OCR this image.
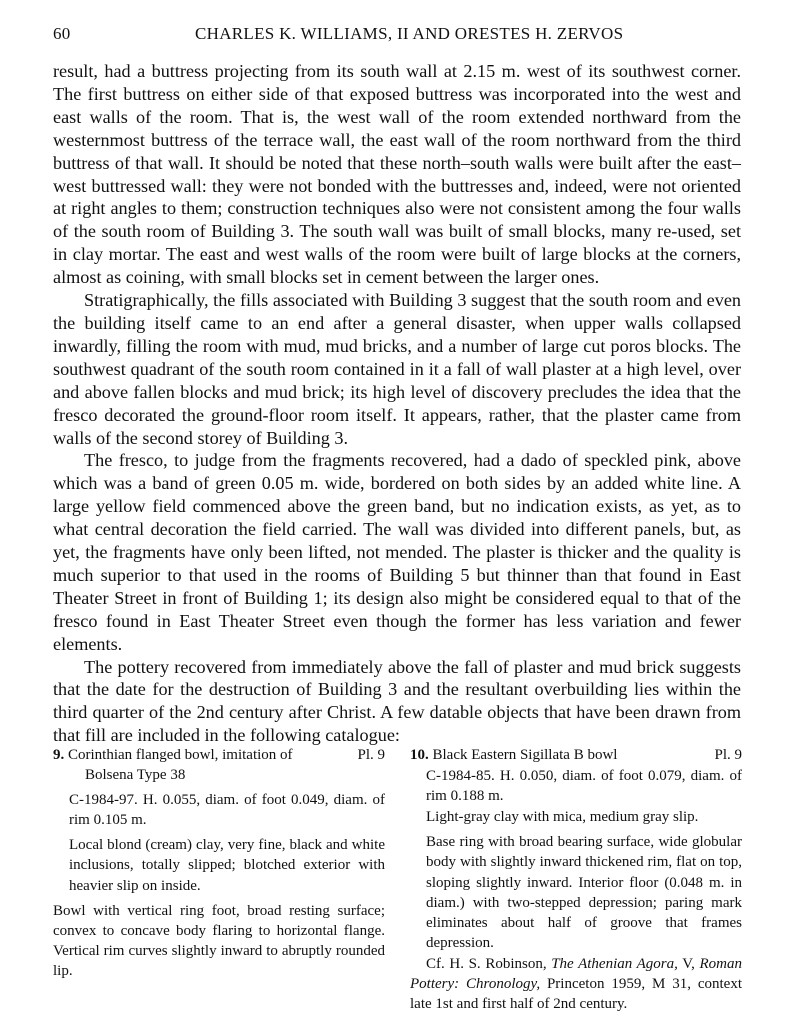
60	CHARLES K. WILLIAMS, II AND ORESTES H. ZERVOS

result, had a buttress projecting from its south wall at 2.15 m. west of its southwest corner. The first buttress on either side of that exposed buttress was incorporated into the west and east walls of the room. That is, the west wall of the room extended northward from the westernmost buttress of the terrace wall, the east wall of the room northward from the third buttress of that wall. It should be noted that these north–south walls were built after the east–west buttressed wall: they were not bonded with the buttresses and, indeed, were not oriented at right angles to them; construction techniques also were not consistent among the four walls of the south room of Building 3. The south wall was built of small blocks, many re-used, set in clay mortar. The east and west walls of the room were built of large blocks at the corners, almost as coining, with small blocks set in cement between the larger ones.

Stratigraphically, the fills associated with Building 3 suggest that the south room and even the building itself came to an end after a general disaster, when upper walls collapsed inwardly, filling the room with mud, mud bricks, and a number of large cut poros blocks. The southwest quadrant of the south room contained in it a fall of wall plaster at a high level, over and above fallen blocks and mud brick; its high level of discovery precludes the idea that the fresco decorated the ground-floor room itself. It appears, rather, that the plaster came from walls of the second storey of Building 3.

The fresco, to judge from the fragments recovered, had a dado of speckled pink, above which was a band of green 0.05 m. wide, bordered on both sides by an added white line. A large yellow field commenced above the green band, but no indication exists, as yet, as to what central decoration the field carried. The wall was divided into different panels, but, as yet, the fragments have only been lifted, not mended. The plaster is thicker and the quality is much superior to that used in the rooms of Building 5 but thinner than that found in East Theater Street in front of Building 1; its design also might be considered equal to that of the fresco found in East Theater Street even though the former has less variation and fewer elements.

The pottery recovered from immediately above the fall of plaster and mud brick suggests that the date for the destruction of Building 3 and the resultant overbuilding lies within the third quarter of the 2nd century after Christ. A few datable objects that have been drawn from that fill are included in the following catalogue:

9. Corinthian flanged bowl, imitation of	Pl. 9
Bolsena Type 38

C-1984-97. H. 0.055, diam. of foot 0.049, diam. of rim 0.105 m.

Local blond (cream) clay, very fine, black and white inclusions, totally slipped; blotched exterior with heavier slip on inside.

Bowl with vertical ring foot, broad resting surface; convex to concave body flaring to horizontal flange. Vertical rim curves slightly inward to abruptly rounded lip.

10. Black Eastern Sigillata B bowl	Pl. 9

C-1984-85. H. 0.050, diam. of foot 0.079, diam. of rim 0.188 m.

Light-gray clay with mica, medium gray slip.

Base ring with broad bearing surface, wide globular body with slightly inward thickened rim, flat on top, sloping slightly inward. Interior floor (0.048 m. in diam.) with two-stepped depression; paring mark eliminates about half of groove that frames depression.

Cf. H. S. Robinson, The Athenian Agora, V, Roman Pottery: Chronology, Princeton 1959, M 31, context late 1st and first half of 2nd century.
